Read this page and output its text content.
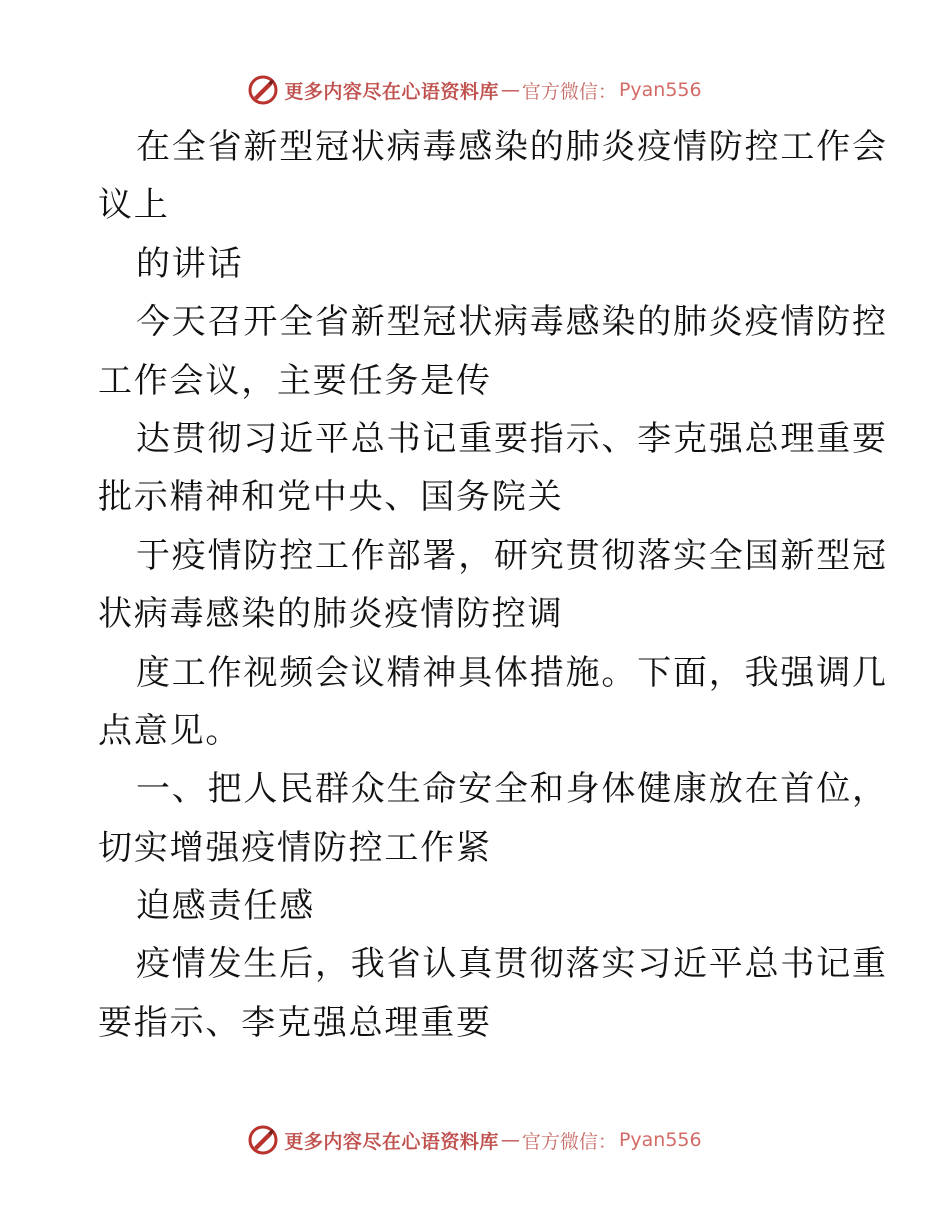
更多内容尽在心语资料库 — 官方微信： Pyan556
在全省新型冠状病毒感染的肺炎疫情防控工作会
议上
的讲话
今天召开全省新型冠状病毒感染的肺炎疫情防控
工作会议，主要任务是传
达贯彻习近平总书记重要指示、李克强总理重要
批示精神和党中央、国务院关
于疫情防控工作部署，研究贯彻落实全国新型冠
状病毒感染的肺炎疫情防控调
度工作视频会议精神具体措施。下面，我强调几
点意见。
一、把人民群众生命安全和身体健康放在首位，
切实增强疫情防控工作紧
迫感责任感
疫情发生后，我省认真贯彻落实习近平总书记重
要指示、李克强总理重要
更多内容尽在心语资料库 — 官方微信： Pyan556
